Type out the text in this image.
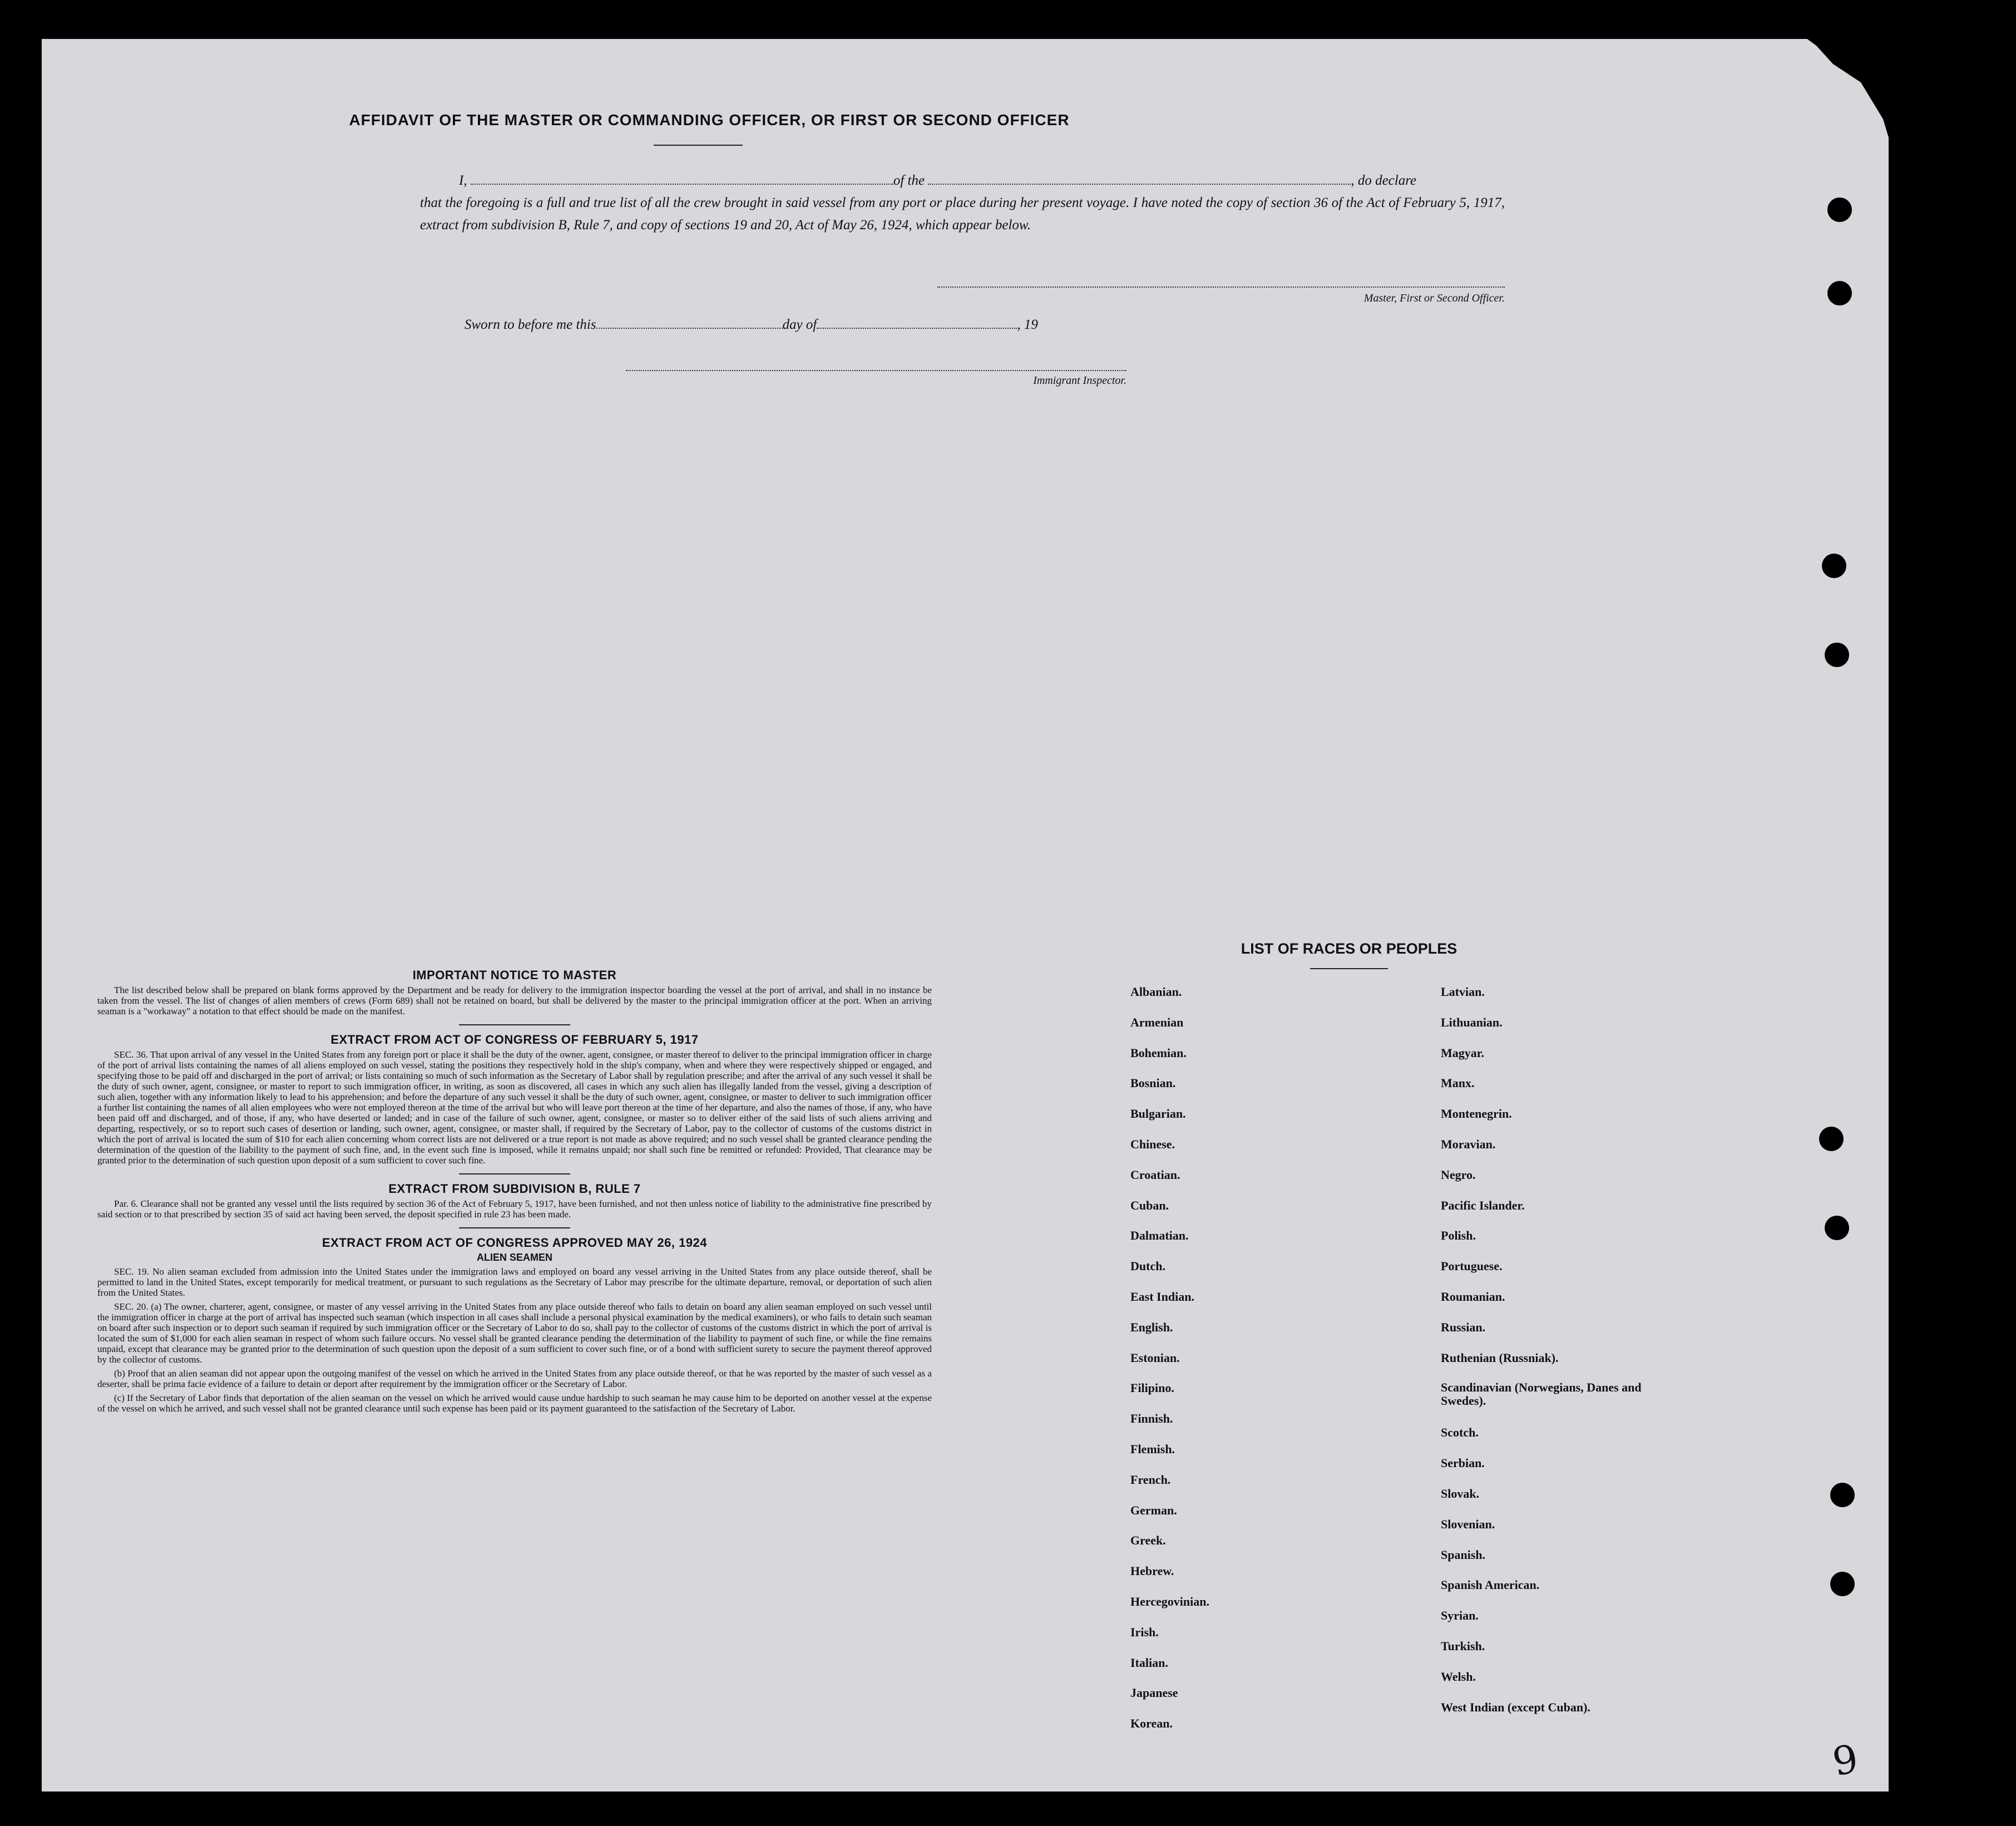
AFFIDAVIT OF THE MASTER OR COMMANDING OFFICER, OR FIRST OR SECOND OFFICER
I,	of the	, do declare
that the foregoing is a full and true list of all the crew brought in said vessel from any port or place during her present voyage. I have noted the copy of section 36 of the Act of February 5, 1917, extract from subdivision B, Rule 7, and copy of sections 19 and 20, Act of May 26, 1924, which appear below.
Master, First or Second Officer.
Sworn to before me this	day of	, 19
Immigrant Inspector.
IMPORTANT NOTICE TO MASTER

The list described below shall be prepared on blank forms approved by the Department and be ready for delivery to the immigration inspector boarding the vessel at the port of arrival, and shall in no instance be taken from the vessel. The list of changes of alien members of crews (Form 689) shall not be retained on board, but shall be delivered by the master to the principal immigration officer at the port. When an arriving seaman is a "workaway" a notation to that effect should be made on the manifest.

EXTRACT FROM ACT OF CONGRESS OF FEBRUARY 5, 1917

SEC. 36. That upon arrival of any vessel in the United States from any foreign port or place it shall be the duty of the owner, agent, consignee, or master thereof to deliver to the principal immigration officer in charge of the port of arrival lists containing the names of all aliens employed on such vessel, stating the positions they respectively hold in the ship's company, when and where they were respectively shipped or engaged, and specifying those to be paid off and discharged in the port of arrival; or lists containing so much of such information as the Secretary of Labor shall by regulation prescribe; and after the arrival of any such vessel it shall be the duty of such owner, agent, consignee, or master to report to such immigration officer, in writing, as soon as discovered, all cases in which any such alien has illegally landed from the vessel, giving a description of such alien, together with any information likely to lead to his apprehension; and before the departure of any such vessel it shall be the duty of such owner, agent, consignee, or master to deliver to such immigration officer a further list containing the names of all alien employees who were not employed thereon at the time of the arrival but who will leave port thereon at the time of her departure, and also the names of those, if any, who have been paid off and discharged, and of those, if any, who have deserted or landed; and in case of the failure of such owner, agent, consignee, or master so to deliver either of the said lists of such aliens arriving and departing, respectively, or so to report such cases of desertion or landing, such owner, agent, consignee, or master shall, if required by the Secretary of Labor, pay to the collector of customs of the customs district in which the port of arrival is located the sum of $10 for each alien concerning whom correct lists are not delivered or a true report is not made as above required; and no such vessel shall be granted clearance pending the determination of the question of the liability to the payment of such fine, and, in the event such fine is imposed, while it remains unpaid; nor shall such fine be remitted or refunded: Provided, That clearance may be granted prior to the determination of such question upon deposit of a sum sufficient to cover such fine.

EXTRACT FROM SUBDIVISION B, RULE 7

Par. 6. Clearance shall not be granted any vessel until the lists required by section 36 of the Act of February 5, 1917, have been furnished, and not then unless notice of liability to the administrative fine prescribed by said section or to that prescribed by section 35 of said act having been served, the deposit specified in rule 23 has been made.

EXTRACT FROM ACT OF CONGRESS APPROVED MAY 26, 1924
ALIEN SEAMEN

SEC. 19. No alien seaman excluded from admission into the United States under the immigration laws and employed on board any vessel arriving in the United States from any place outside thereof, shall be permitted to land in the United States, except temporarily for medical treatment, or pursuant to such regulations as the Secretary of Labor may prescribe for the ultimate departure, removal, or deportation of such alien from the United States.

SEC. 20. (a) The owner, charterer, agent, consignee, or master of any vessel arriving in the United States from any place outside thereof who fails to detain on board any alien seaman employed on such vessel until the immigration officer in charge at the port of arrival has inspected such seaman (which inspection in all cases shall include a personal physical examination by the medical examiners), or who fails to detain such seaman on board after such inspection or to deport such seaman if required by such immigration officer or the Secretary of Labor to do so, shall pay to the collector of customs of the customs district in which the port of arrival is located the sum of $1,000 for each alien seaman in respect of whom such failure occurs. No vessel shall be granted clearance pending the determination of the liability to payment of such fine, or while the fine remains unpaid, except that clearance may be granted prior to the determination of such question upon the deposit of a sum sufficient to cover such fine, or of a bond with sufficient surety to secure the payment thereof approved by the collector of customs.

(b) Proof that an alien seaman did not appear upon the outgoing manifest of the vessel on which he arrived in the United States from any place outside thereof, or that he was reported by the master of such vessel as a deserter, shall be prima facie evidence of a failure to detain or deport after requirement by the immigration officer or the Secretary of Labor.

(c) If the Secretary of Labor finds that deportation of the alien seaman on the vessel on which he arrived would cause undue hardship to such seaman he may cause him to be deported on another vessel at the expense of the vessel on which he arrived, and such vessel shall not be granted clearance until such expense has been paid or its payment guaranteed to the satisfaction of the Secretary of Labor.

LIST OF RACES OR PEOPLES
Albanian.
Armenian
Bohemian.
Bosnian.
Bulgarian.
Chinese.
Croatian.
Cuban.
Dalmatian.
Dutch.
East Indian.
English.
Estonian.
Filipino.
Finnish.
Flemish.
French.
German.
Greek.
Hebrew.
Hercegovinian.
Irish.
Italian.
Japanese
Korean.
Latvian.
Lithuanian.
Magyar.
Manx.
Montenegrin.
Moravian.
Negro.
Pacific Islander.
Polish.
Portuguese.
Roumanian.
Russian.
Ruthenian (Russniak).
Scandinavian (Norwegians, Danes and Swedes).
Scotch.
Serbian.
Slovak.
Slovenian.
Spanish.
Spanish American.
Syrian.
Turkish.
Welsh.
West Indian (except Cuban).
9
